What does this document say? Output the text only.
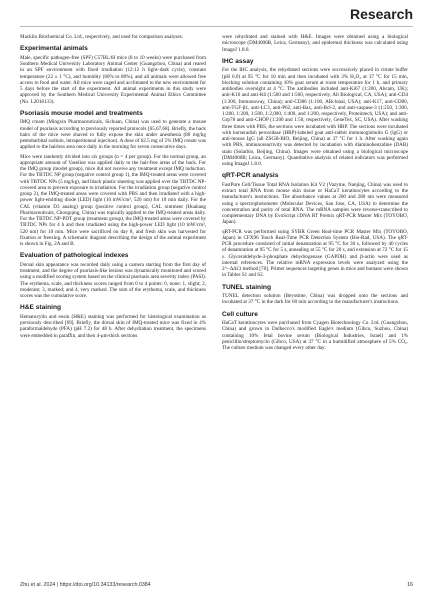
Research

Macklin Biochemical Co. Ltd., respectively, and used for comparison analyses.

Experimental animals

Male, specific pathogen-free (SPF) C57BL/6J mice (8 to 10 weeks) were purchased from Southern Medical University Laboratory Animal Center (Guangzhou, China) and reared in an SPF environment with fixed irradiation (12:12 h light–dark cycle), constant temperature (22 ± 1 °C), and humidity (60% to 80%), and all animals were allowed free access to food and water. All mice were caged and acclimated to the new environment for 5 days before the start of the experiment. All animal experiments in this study were approved by the Southern Medical University Experimental Animal Ethics Committee (No. L2018133).

Psoriasis mouse model and treatments

IMQ cream (Mingxin Pharmaceuticals, Sichuan, China) was used to generate a mouse model of psoriasis according to previously reported protocols [65,67,68]. Briefly, the back hairs of the mice were shaved to fully expose the skin under anesthesia (80 mg/kg pentobarbital sodium, intraperitoneal injection). A dose of 62.5 mg of 5% IMQ cream was applied to the hairless area once daily in the morning for seven consecutive days.

Mice were randomly divided into six groups (n = 4 per group). For the normal group, an appropriate amount of Vaseline was applied daily to the hair-free areas of the back. For the IMQ group (model group), mice did not receive any treatment except IMQ induction. For the TBTDC NP group (negative control group 1), the IMQ-treated areas were covered with TBTDC NPs (5 mg/kg), and black plastic sheeting was applied over the TBTDC NP-covered area to prevent exposure to irradiation. For the irradiation group (negative control group 2), the IMQ-treated areas were covered with PBS and then irradiated with a high-power light-emitting diode (LED) light (10 mW/cm², 520 nm) for 10 min daily. For the CAL (vitamin D3 analog) group (positive control group), CAL ointment (Huabang Pharmaceuticals, Chongqing, China) was topically applied to the IMQ-treated areas daily. For the TBTDC NP-PDT group (treatment group), the IMQ-treated areas were covered by TBTDC NPs for 4 h and then irradiated using the high-power LED light (10 mW/cm², 520 nm) for 10 min. Mice were sacrificed on day 8, and fresh skin was harvested for fixation or freezing. A schematic diagram describing the design of the animal experiment is shown in Fig. 2A and B.

Evaluation of pathological indexes

Dorsal skin appearance was recorded daily using a camera starting from the first day of treatment, and the degree of psoriasis-like lesions was dynamically monitored and scored using a modified scoring system based on the clinical psoriasis area severity index (PASI). The erythema, scale, and thickness scores ranged from 0 to 4 points: 0, none; 1, slight; 2, moderate; 3, marked; and 4, very marked. The sum of the erythema, scale, and thickness scores was the cumulative score.

H&E staining

Hematoxylin and eosin (H&E) staining was performed for histological examination as previously described [69]. Briefly, the dorsal skin of IMQ-treated mice was fixed in 4% paraformaldehyde (PFA) (pH 7.2) for 48 h. After dehydration treatment, the specimens were embedded in paraffin, and then 4-μm-thick sections

were rehydrated and stained with H&E. Images were obtained using a biological microscope (DM4000B, Leica, Germany), and epidermal thickness was calculated using ImageJ 1.8.0.

IHC assay

For the IHC analysis, the rehydrated sections were successively placed in citrate buffer (pH 6.0) at 95 °C for 10 min and then incubated with 3% H₂O₂ at 37 °C for 15 min, blocking solution containing 10% goat serum at room temperature for 1 h, and primary antibodies overnight at 4 °C. The antibodies included anti-Ki67 (1:200, Abcam, UK); anti-K10 and anti-K6 (1:500 and 1:500, respectively, All Biological, CA, USA); anti-CD4 (1:300, Immunoway, China); anti-CD86 (1:100, ABclonal, USA); anti-K17, anti-CD80, anti-TGF-β1, anti-LC3, anti-P62, anti-Bax, anti-Bcl-2, and anti-caspase-3 (1:250, 1:300, 1:200, 1:200, 1:500, 1:2,000, 1:400, and 1:200, respectively, Proteintech, USA); and anti-Grp78 and anti-CHOP (1:200 and 1:50, respectively, GeneTex, SC, USA). After washing three times with PBS, the sections were incubated with HRP. The sections were incubated with horseradish peroxidase (HRP)-labeled goat anti-rabbit immunoglobulin G (IgG) or anti-mouse IgG (all ZSGB-BIO, Beijing, China) at 37 °C for 1 h. After washing again with PBS, immunoreactivity was detected by incubation with diaminobenzidine (DAB) stain (Solarbio, Beijing, China). Images were obtained using a biological microscope (DM4000B; Leica, Germany). Quantitative analysis of related indicators was performed using ImageJ 1.8.0.

qRT-PCR analysis

FastPure Cell/Tissue Total RNA Isolation Kit V2 (Vazyme, Nanjing, China) was used to extract total RNA from mouse skin tissue or HaCaT keratinocytes according to the manufacturer's instructions. The absorbance values at 260 and 280 nm were measured using a spectrophotometer (Molecular Devices, San Jose, CA, USA) to determine the concentration and purity of total RNA. The mRNA samples were reverse-transcribed to complementary DNA by EvoScript cDNA RT Premix qRT-PCR Master Mix (TOYOBO, Japan).

qRT-PCR was performed using SYBR Green Real-time PCR Master Mix (TOYOBO, Japan) in CFX96 Touch Real-Time PCR Detection System (Bio-Rad, USA). The qRT-PCR procedure consisted of initial denaturation at 95 °C for 30 s, followed by 40 cycles of denaturation at 95 °C for 5 s, annealing at 55 °C for 20 s, and extension at 72 °C for 15 s. Glyceraldehyde-3-phosphate dehydrogenase (GAPDH) and β-actin were used as internal references. The relative mRNA expression levels were analyzed using the 2^−ΔΔCt method [70]. Primer sequences targeting genes in mice and humans were shown in Tables S1 and S2.

TUNEL staining

TUNEL detection solution (Beyotime, China) was dropped onto the sections and incubated at 37 °C in the dark for 60 min according to the manufacturer's instructions.

Cell culture

HaCaT keratinocytes were purchased from Cyagen Biotechnology Co. Ltd. (Guangzhou, China) and grown in Dulbecco's modified Eagle's medium (Gibco, Suzhou, China) containing 10% fetal bovine serum (Biological Industries, Israel) and 1% penicillin/streptomycin (Gibco, USA) at 37 °C in a humidified atmosphere of 5% CO₂. The culture medium was changed every other day.

Zhu et al. 2024 | https://doi.org/10.34133/research.0384	16
